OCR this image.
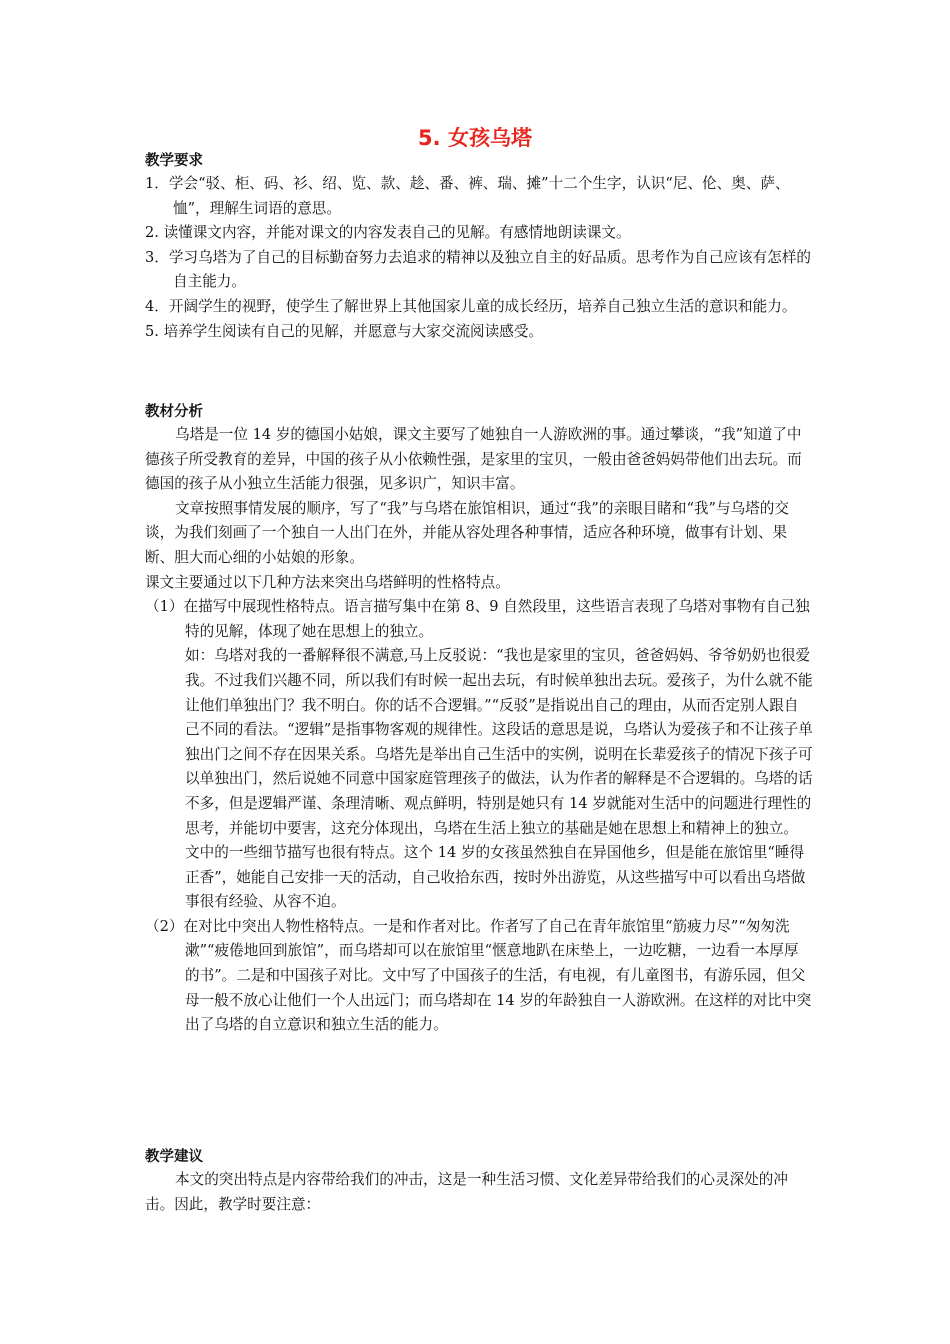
5. 女孩乌塔
教学要求

1．学会“驳、柜、码、衫、绍、览、款、趁、番、裤、瑞、摊”十二个生字，认识“尼、伦、奥、萨、恤”，理解生词语的意思。

2. 读懂课文内容，并能对课文的内容发表自己的见解。有感情地朗读课文。

3．学习乌塔为了自己的目标勤奋努力去追求的精神以及独立自主的好品质。思考作为自己应该有怎样的自主能力。

4．开阔学生的视野，使学生了解世界上其他国家儿童的成长经历，培养自己独立生活的意识和能力。

5. 培养学生阅读有自己的见解，并愿意与大家交流阅读感受。

教材分析

乌塔是一位 14 岁的德国小姑娘，课文主要写了她独自一人游欧洲的事。通过攀谈，“我”知道了中德孩子所受教育的差异，中国的孩子从小依赖性强，是家里的宝贝，一般由爸爸妈妈带他们出去玩。而德国的孩子从小独立生活能力很强，见多识广，知识丰富。

文章按照事情发展的顺序，写了“我”与乌塔在旅馆相识，通过“我”的亲眼目睹和“我”与乌塔的交谈，为我们刻画了一个独自一人出门在外，并能从容处理各种事情，适应各种环境，做事有计划、果断、胆大而心细的小姑娘的形象。

课文主要通过以下几种方法来突出乌塔鲜明的性格特点。

（1）在描写中展现性格特点。语言描写集中在第 8、9 自然段里，这些语言表现了乌塔对事物有自己独特的见解，体现了她在思想上的独立。

如：乌塔对我的一番解释很不满意,马上反驳说：“我也是家里的宝贝，爸爸妈妈、爷爷奶奶也很爱我。不过我们兴趣不同，所以我们有时候一起出去玩，有时候单独出去玩。爱孩子，为什么就不能让他们单独出门？我不明白。你的话不合逻辑。”“反驳”是指说出自己的理由，从而否定别人跟自己不同的看法。“逻辑”是指事物客观的规律性。这段话的意思是说，乌塔认为爱孩子和不让孩子单独出门之间不存在因果关系。乌塔先是举出自己生活中的实例，说明在长辈爱孩子的情况下孩子可以单独出门，然后说她不同意中国家庭管理孩子的做法，认为作者的解释是不合逻辑的。乌塔的话不多，但是逻辑严谨、条理清晰、观点鲜明，特别是她只有 14 岁就能对生活中的问题进行理性的思考，并能切中要害，这充分体现出，乌塔在生活上独立的基础是她在思想上和精神上的独立。

文中的一些细节描写也很有特点。这个 14 岁的女孩虽然独自在异国他乡，但是能在旅馆里“睡得正香”，她能自己安排一天的活动，自己收拾东西，按时外出游览，从这些描写中可以看出乌塔做事很有经验、从容不迫。

（2）在对比中突出人物性格特点。一是和作者对比。作者写了自己在青年旅馆里“筋疲力尽”“匆匆洗漱”“疲倦地回到旅馆”，而乌塔却可以在旅馆里“惬意地趴在床垫上，一边吃糖，一边看一本厚厚的书”。二是和中国孩子对比。文中写了中国孩子的生活，有电视，有儿童图书，有游乐园，但父母一般不放心让他们一个人出远门；而乌塔却在 14 岁的年龄独自一人游欧洲。在这样的对比中突出了乌塔的自立意识和独立生活的能力。

教学建议

本文的突出特点是内容带给我们的冲击，这是一种生活习惯、文化差异带给我们的心灵深处的冲击。因此，教学时要注意：
